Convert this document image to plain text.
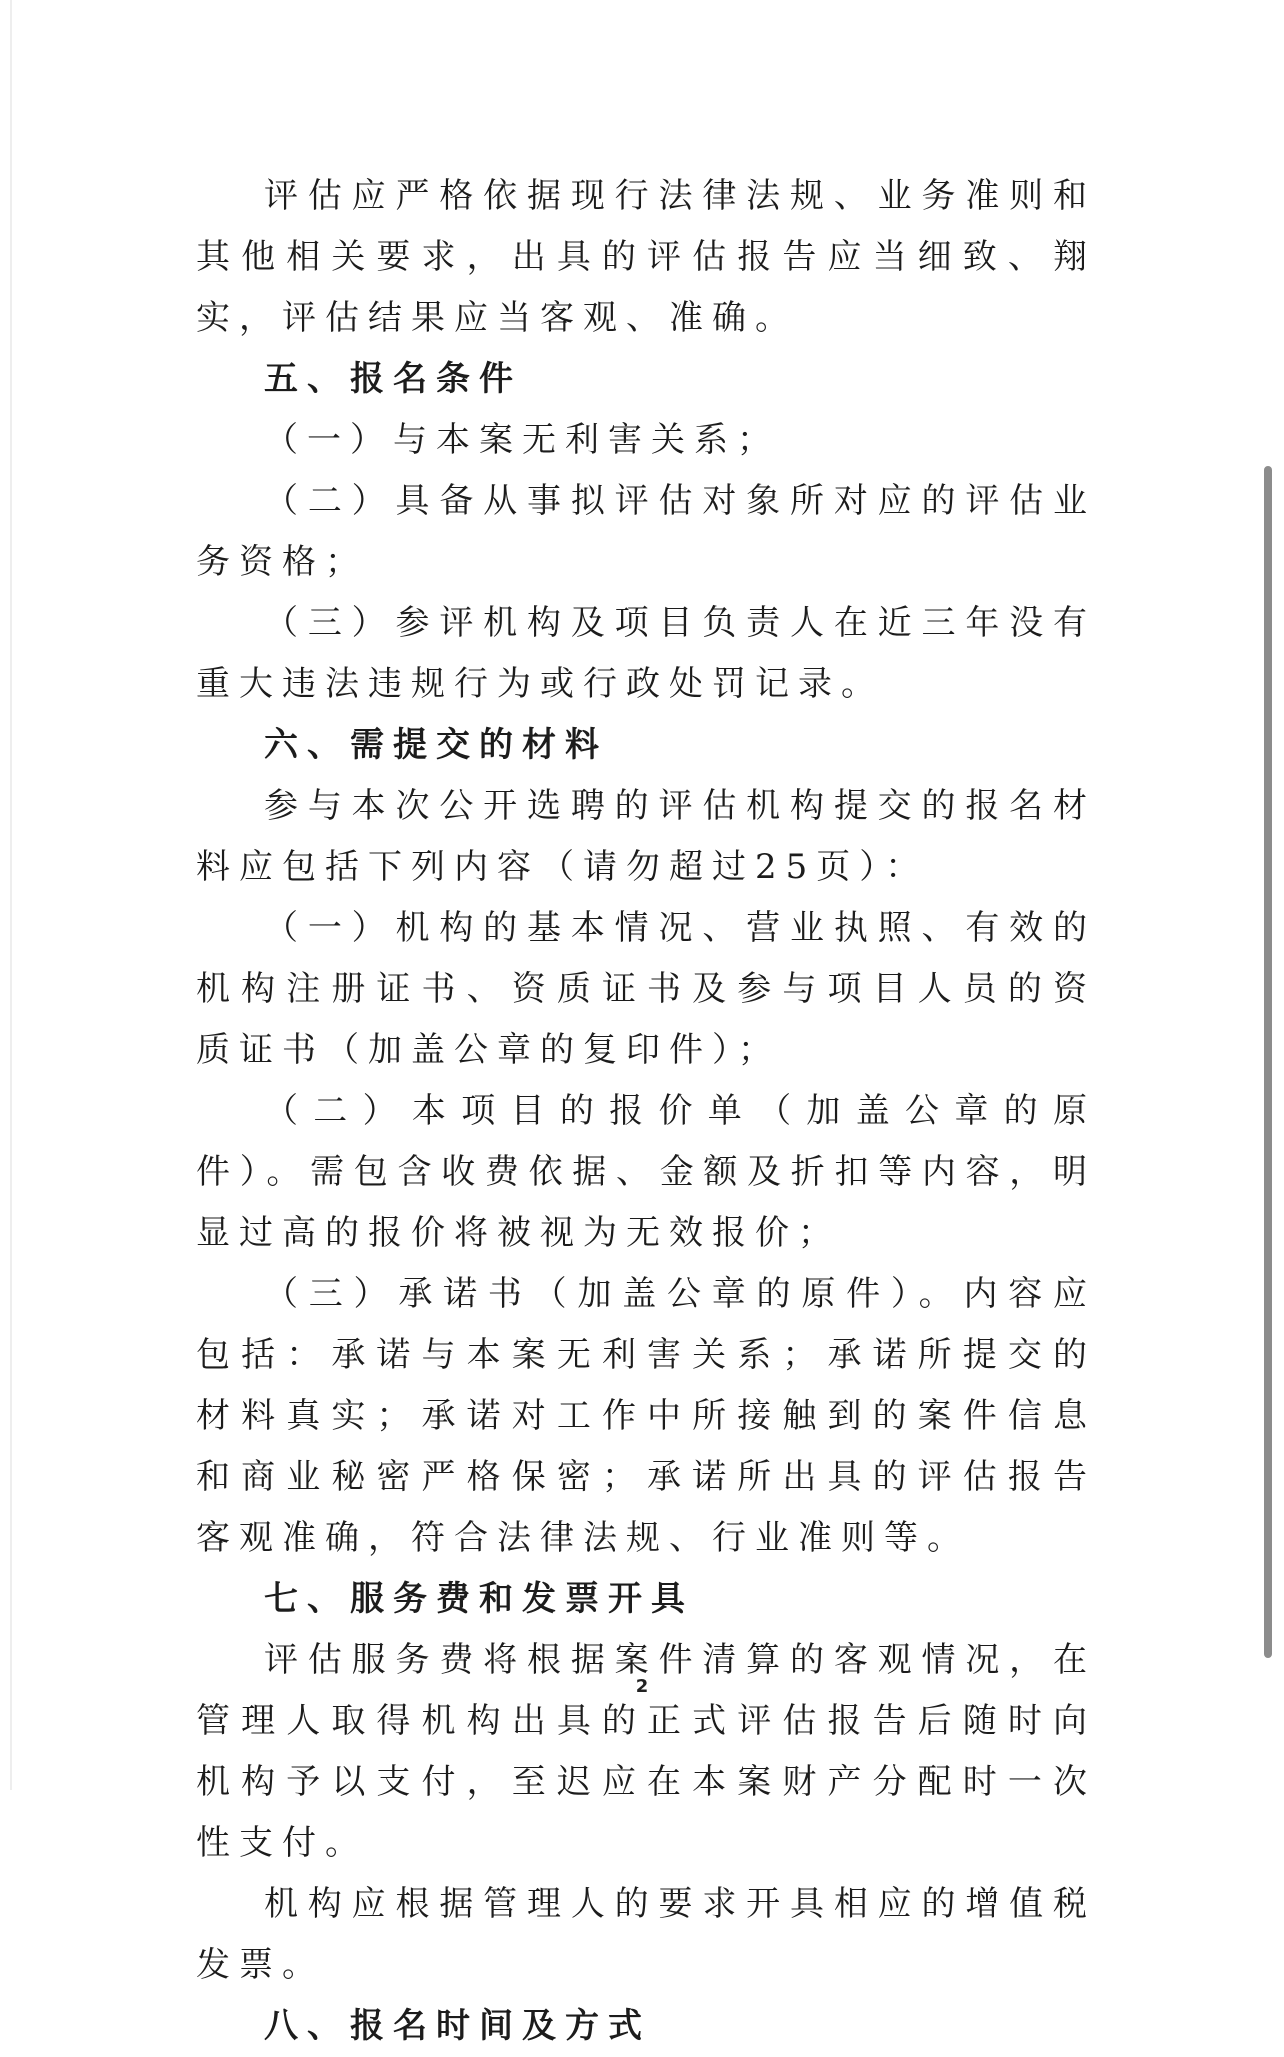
评估应严格依据现行法律法规、业务准则和其他相关要求，出具的评估报告应当细致、翔实，评估结果应当客观、准确。

五、报名条件

（一）与本案无利害关系；

（二）具备从事拟评估对象所对应的评估业务资格；

（三）参评机构及项目负责人在近三年没有重大违法违规行为或行政处罚记录。

六、需提交的材料

参与本次公开选聘的评估机构提交的报名材料应包括下列内容（请勿超过25页）：

（一）机构的基本情况、营业执照、有效的机构注册证书、资质证书及参与项目人员的资质证书（加盖公章的复印件）；

（二）本项目的报价单（加盖公章的原件）。需包含收费依据、金额及折扣等内容，明显过高的报价将被视为无效报价；

（三）承诺书（加盖公章的原件）。内容应包括：承诺与本案无利害关系；承诺所提交的材料真实；承诺对工作中所接触到的案件信息和商业秘密严格保密；承诺所出具的评估报告客观准确，符合法律法规、行业准则等。

七、服务费和发票开具

评估服务费将根据案件清算的客观情况，在管理人取得机构出具的正式评估报告后随时向机构予以支付，至迟应在本案财产分配时一次性支付。

机构应根据管理人的要求开具相应的增值税发票。

八、报名时间及方式

2
